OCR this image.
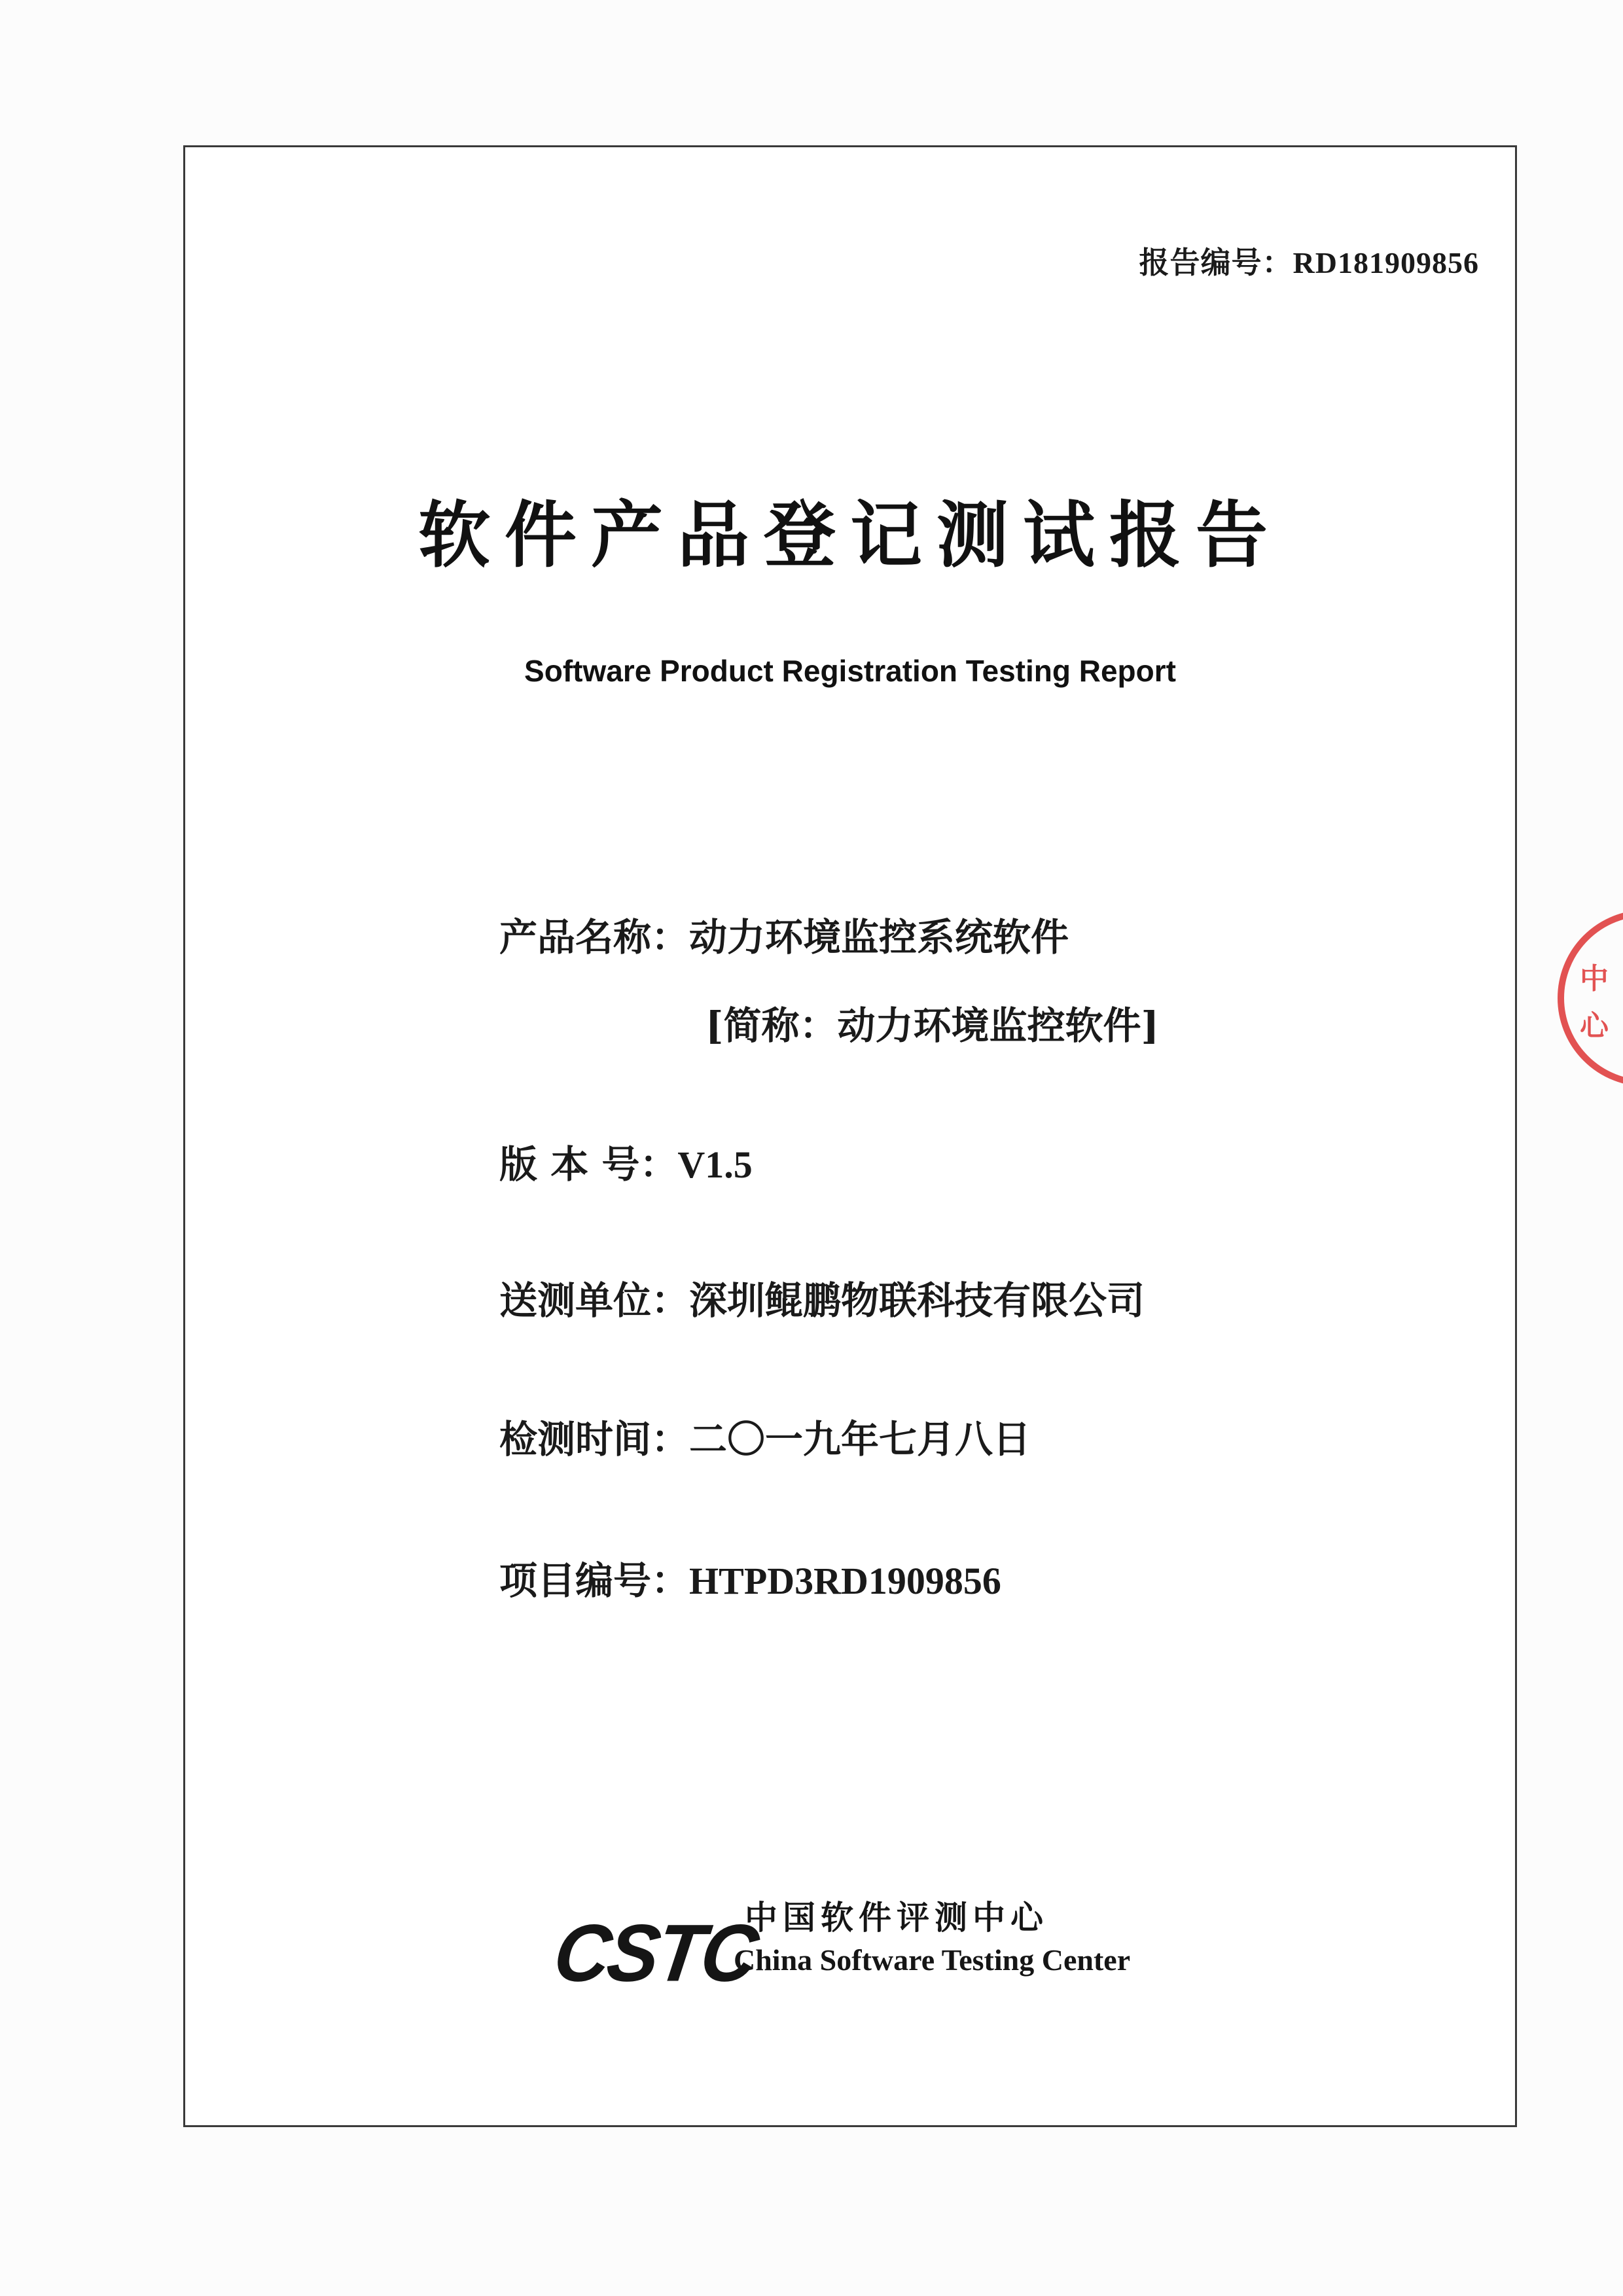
报告编号：RD181909856
软件产品登记测试报告
Software Product Registration Testing Report
产品名称：动力环境监控系统软件
[简称：动力环境监控软件]
版 本 号：V1.5
送测单位：深圳鲲鹏物联科技有限公司
检测时间：二〇一九年七月八日
项目编号：HTPD3RD1909856
CSTC
中国软件评测中心
China Software Testing Center
中
心
